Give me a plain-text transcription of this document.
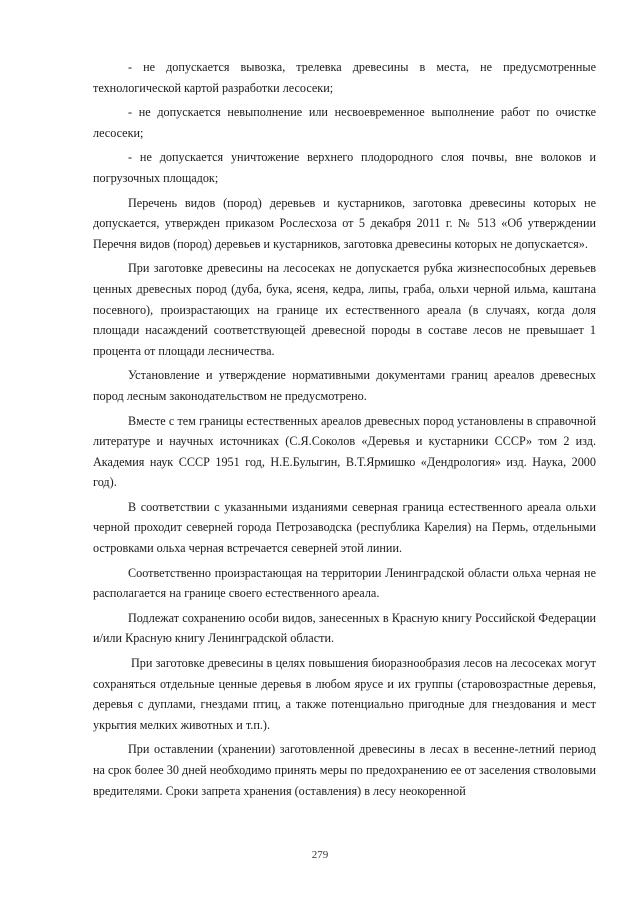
- не допускается вывозка, трелевка древесины в места, не предусмотренные технологической картой разработки лесосеки;

- не допускается невыполнение или несвоевременное выполнение работ по очистке лесосеки;

- не допускается уничтожение верхнего плодородного слоя почвы, вне волоков и погрузочных площадок;

Перечень видов (пород) деревьев и кустарников, заготовка древесины которых не допускается, утвержден приказом Рослесхоза от 5 декабря 2011 г. № 513 «Об утверждении Перечня видов (пород) деревьев и кустарников, заготовка древесины которых не допускается».

При заготовке древесины на лесосеках не допускается рубка жизнеспособных деревьев ценных древесных пород (дуба, бука, ясеня, кедра, липы, граба, ольхи черной ильма, каштана посевного), произрастающих на границе их естественного ареала (в случаях, когда доля площади насаждений соответствующей древесной породы в составе лесов не превышает 1 процента от площади лесничества.

Установление и утверждение нормативными документами границ ареалов древесных пород лесным законодательством не предусмотрено.

Вместе с тем границы естественных ареалов древесных пород установлены в справочной литературе и научных источниках (С.Я.Соколов «Деревья и кустарники СССР» том 2 изд. Академия наук СССР 1951 год, Н.Е.Булыгин, В.Т.Ярмишко «Дендрология» изд. Наука, 2000 год).

В соответствии с указанными изданиями северная граница естественного ареала ольхи черной проходит северней города Петрозаводска (республика Карелия) на Пермь, отдельными островками ольха черная встречается северней этой линии.

Соответственно произрастающая на территории Ленинградской области ольха черная не располагается на границе своего естественного ареала.

Подлежат сохранению особи видов, занесенных в Красную книгу Российской Федерации и/или Красную книгу Ленинградской области.

При заготовке древесины в целях повышения биоразнообразия лесов на лесосеках могут сохраняться отдельные ценные деревья в любом ярусе и их группы (старовозрастные деревья, деревья с дуплами, гнездами птиц, а также потенциально пригодные для гнездования и мест укрытия мелких животных и т.п.).

При оставлении (хранении) заготовленной древесины в лесах в весенне-летний период на срок более 30 дней необходимо принять меры по предохранению ее от заселения стволовыми вредителями. Сроки запрета хранения (оставления) в лесу неокоренной

279
